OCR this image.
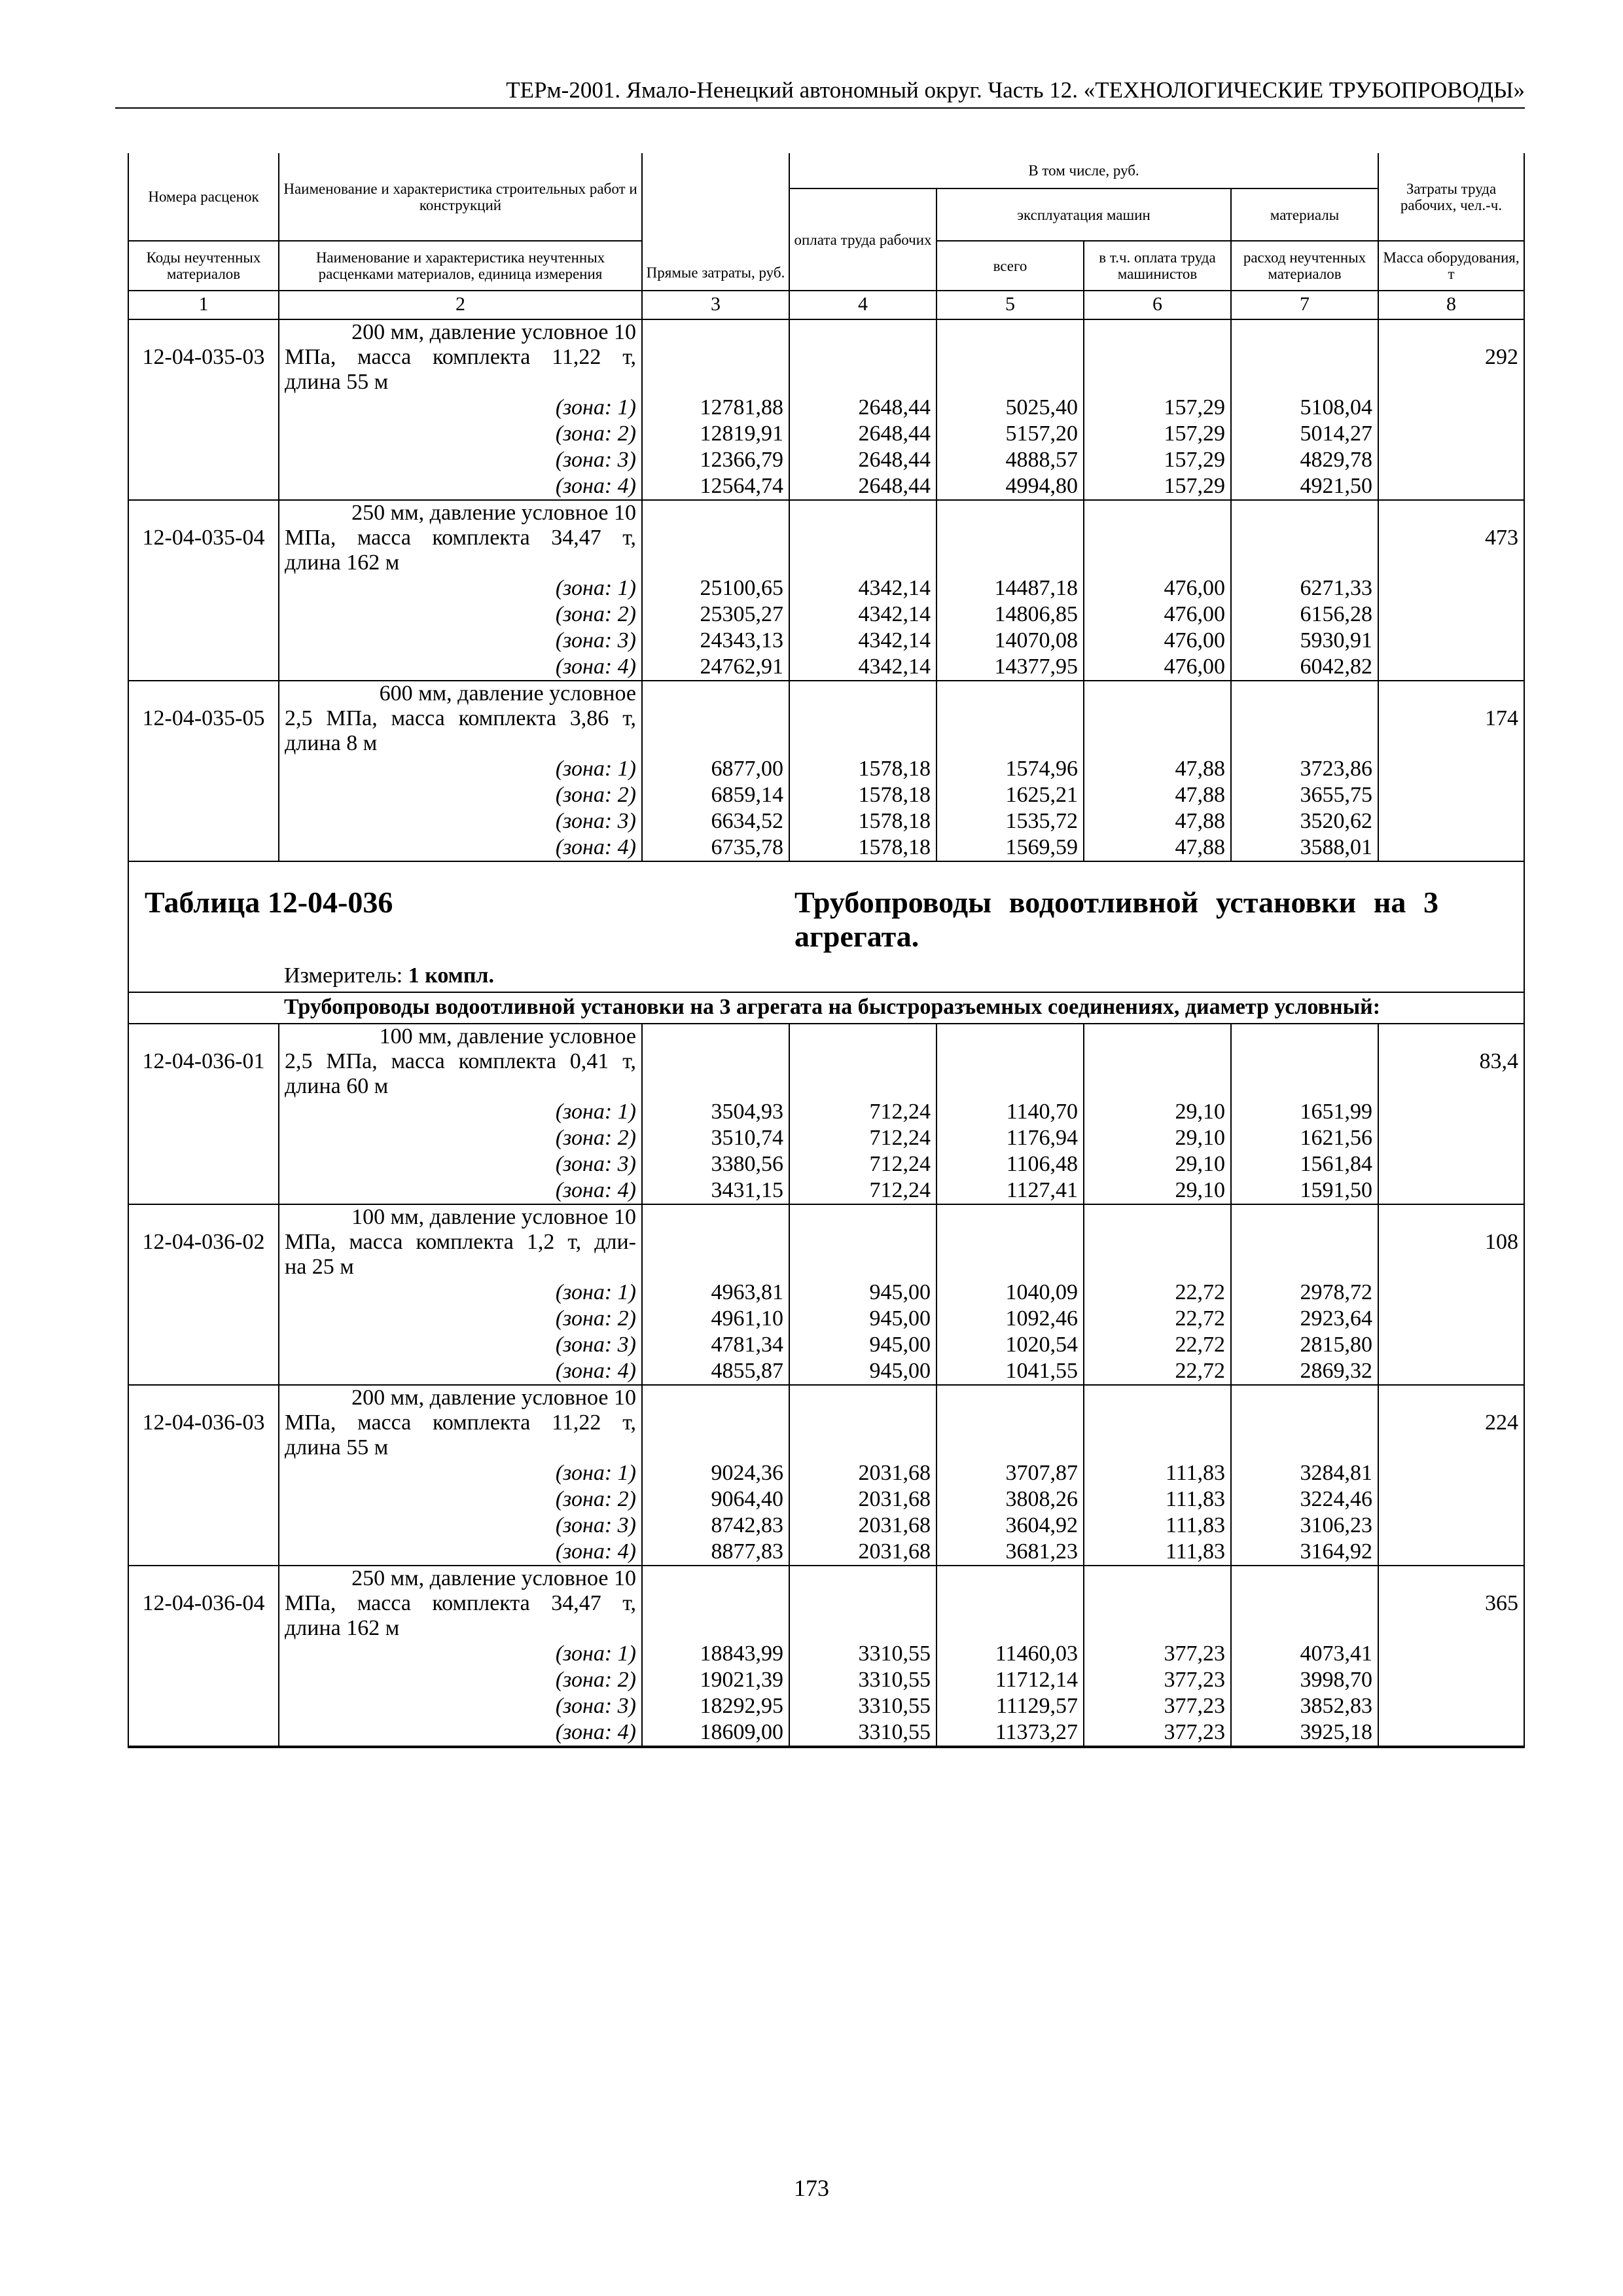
ТЕРм-2001. Ямало-Ненецкий автономный округ. Часть 12. «ТЕХНОЛОГИЧЕСКИЕ ТРУБОПРОВОДЫ»
Номера расценок	Наименование и характеристика строительных работ и конструкций	Прямые затраты, руб.	В том числе, руб.				Затраты труда рабочих, чел.-ч.
			оплата труда рабочих	эксплуатация машин		материалы	
Коды неучтенных материалов	Наименование и характеристика неучтенных расценками материалов, единица измерения			всего	в т.ч. оплата труда машинистов	расход неучтенных материалов	Масса оборудования, т
1	2	3	4	5	6	7	8
12-04-035-03	200 мм, давление условное 10
МПа, масса комплекта 11,22 т,
длина 55 м						292
	(зона: 1)	12781,88	2648,44	5025,40	157,29	5108,04	
	(зона: 2)	12819,91	2648,44	5157,20	157,29	5014,27	
	(зона: 3)	12366,79	2648,44	4888,57	157,29	4829,78	
	(зона: 4)	12564,74	2648,44	4994,80	157,29	4921,50	
12-04-035-04	250 мм, давление условное 10
МПа, масса комплекта 34,47 т,
длина 162 м						473
	(зона: 1)	25100,65	4342,14	14487,18	476,00	6271,33	
	(зона: 2)	25305,27	4342,14	14806,85	476,00	6156,28	
	(зона: 3)	24343,13	4342,14	14070,08	476,00	5930,91	
	(зона: 4)	24762,91	4342,14	14377,95	476,00	6042,82	
12-04-035-05	600 мм, давление условное
2,5 МПа, масса комплекта 3,86 т,
длина 8 м						174
	(зона: 1)	6877,00	1578,18	1574,96	47,88	3723,86	
	(зона: 2)	6859,14	1578,18	1625,21	47,88	3655,75	
	(зона: 3)	6634,52	1578,18	1535,72	47,88	3520,62	
	(зона: 4)	6735,78	1578,18	1569,59	47,88	3588,01	
Таблица 12-04-036			Трубопроводы водоотливной установки на 3 агрегата.				

	Измеритель: 1 компл.						
	Трубопроводы водоотливной установки на 3 агрегата на быстроразъемных соединениях, диаметр условный:						
12-04-036-01	100 мм, давление условное
2,5 МПа, масса комплекта 0,41 т,
длина 60 м						83,4
	(зона: 1)	3504,93	712,24	1140,70	29,10	1651,99	
	(зона: 2)	3510,74	712,24	1176,94	29,10	1621,56	
	(зона: 3)	3380,56	712,24	1106,48	29,10	1561,84	
	(зона: 4)	3431,15	712,24	1127,41	29,10	1591,50	
12-04-036-02	100 мм, давление условное 10
МПа, масса комплекта 1,2 т, дли-
на 25 м						108
	(зона: 1)	4963,81	945,00	1040,09	22,72	2978,72	
	(зона: 2)	4961,10	945,00	1092,46	22,72	2923,64	
	(зона: 3)	4781,34	945,00	1020,54	22,72	2815,80	
	(зона: 4)	4855,87	945,00	1041,55	22,72	2869,32	
12-04-036-03	200 мм, давление условное 10
МПа, масса комплекта 11,22 т,
длина 55 м						224
	(зона: 1)	9024,36	2031,68	3707,87	111,83	3284,81	
	(зона: 2)	9064,40	2031,68	3808,26	111,83	3224,46	
	(зона: 3)	8742,83	2031,68	3604,92	111,83	3106,23	
	(зона: 4)	8877,83	2031,68	3681,23	111,83	3164,92	
12-04-036-04	250 мм, давление условное 10
МПа, масса комплекта 34,47 т,
длина 162 м						365
	(зона: 1)	18843,99	3310,55	11460,03	377,23	4073,41	
	(зона: 2)	19021,39	3310,55	11712,14	377,23	3998,70	
	(зона: 3)	18292,95	3310,55	11129,57	377,23	3852,83	
	(зона: 4)	18609,00	3310,55	11373,27	377,23	3925,18	
173
